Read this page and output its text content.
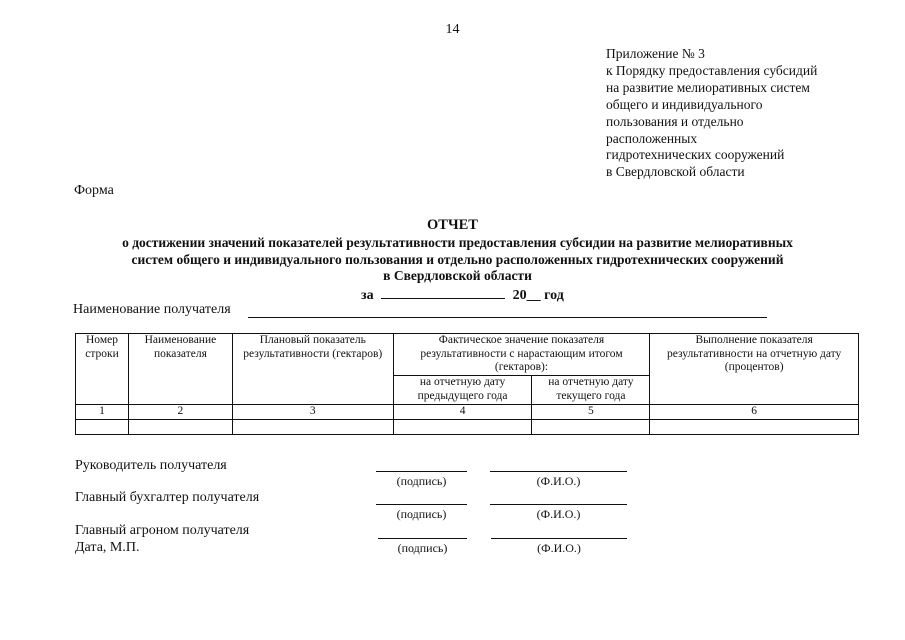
14
Приложение № 3
к Порядку предоставления субсидий
на развитие мелиоративных систем
общего и индивидуального
пользования и отдельно
расположенных
гидротехнических сооружений
в Свердловской области
Форма
ОТЧЕТ
о достижении значений показателей результативности предоставления субсидии на развитие мелиоративных
систем общего и индивидуального пользования и отдельно расположенных гидротехнических сооружений
в Свердловской области
за	20__ год
Наименование получателя
Номер строки	Наименование показателя	Плановый показатель результативности (гектаров)	Фактическое значение показателя результативности с нарастающим итогом (гектаров):		Выполнение показателя результативности на отчетную дату (процентов)
			на отчетную дату предыдущего года	на отчетную дату текущего года	
1	2	3	4	5	6

Руководитель получателя
(подпись)	(Ф.И.О.)
Главный бухгалтер получателя
(подпись)	(Ф.И.О.)
Главный агроном получателя
Дата, М.П.	(подпись)	(Ф.И.О.)
